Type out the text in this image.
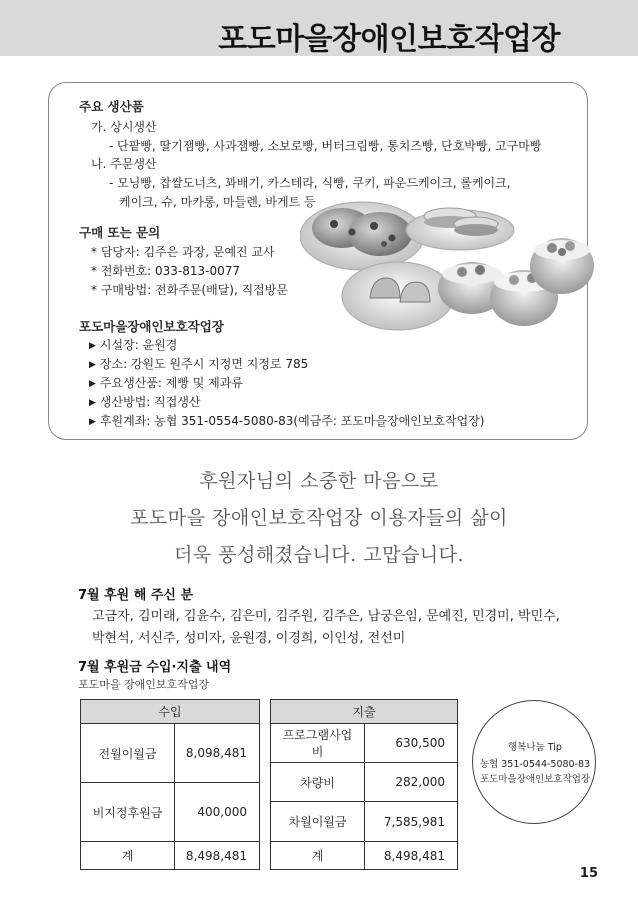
포도마을장애인보호작업장
주요 생산품
가. 상시생산
- 단팥빵, 딸기잼빵, 사과잼빵, 소보로빵, 버터크림빵, 통치즈빵, 단호박빵, 고구마빵
나. 주문생산
- 모닝빵, 찹쌀도너츠, 꽈배기, 카스테라, 식빵, 쿠키, 파운드케이크, 롤케이크,
케이크, 슈, 마카롱, 마들렌, 바게트 등
구매 또는 문의
* 담당자: 김주은 과장, 문예진 교사
* 전화번호: 033-813-0077
* 구매방법: 전화주문(배달), 직접방문
포도마을장애인보호작업장
▶ 시설장: 윤원경
▶ 장소: 강원도 원주시 지정면 지정로 785
▶ 주요생산품: 제빵 및 제과류
▶ 생산방법: 직접생산
▶ 후원계좌: 농협 351-0554-5080-83(예금주: 포도마을장애인보호작업장)
후원자님의 소중한 마음으로
포도마을 장애인보호작업장 이용자들의 삶이
더욱 풍성해졌습니다. 고맙습니다.
7월 후원 해 주신 분
고금자, 김미래, 김윤수, 김은미, 김주원, 김주은, 남궁은임, 문예진, 민경미, 박민수,
박현석, 서신주, 성미자, 윤원경, 이경희, 이인성, 전선미
7월 후원금 수입·지출 내역
포도마을 장애인보호작업장
수입	
전월이월금	8,098,481
비지정후원금	400,000
계	8,498,481
지출	
프로그램사업비	630,500
차량비	282,000
차월이월금	7,585,981
계	8,498,481
행복나눔 Tip
농협 351-0544-5080-83
포도마을장애인보호작업장
15
